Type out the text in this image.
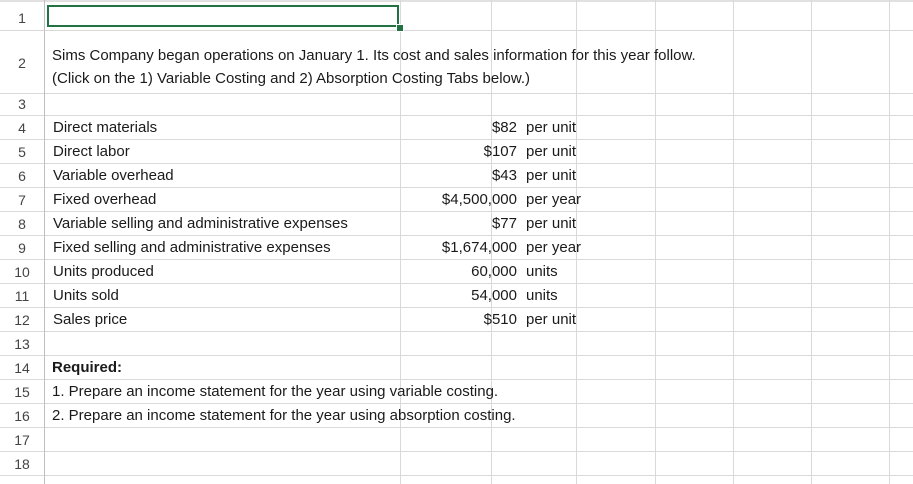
1
2
3
4
5
6
7
8
9
10
11
12
13
14
15
16
17
18
Sims Company began operations on January 1. Its cost and sales information for this year follow.
(Click on the 1) Variable Costing and 2) Absorption Costing Tabs below.)
Direct materials	$82 per unit
Direct labor	$107 per unit
Variable overhead	$43 per unit
Fixed overhead	$4,500,000 per year
Variable selling and administrative expenses	$77 per unit
Fixed selling and administrative expenses	$1,674,000 per year
Units produced	60,000 units
Units sold	54,000 units
Sales price	$510 per unit
Required:
1. Prepare an income statement for the year using variable costing.
2. Prepare an income statement for the year using absorption costing.
